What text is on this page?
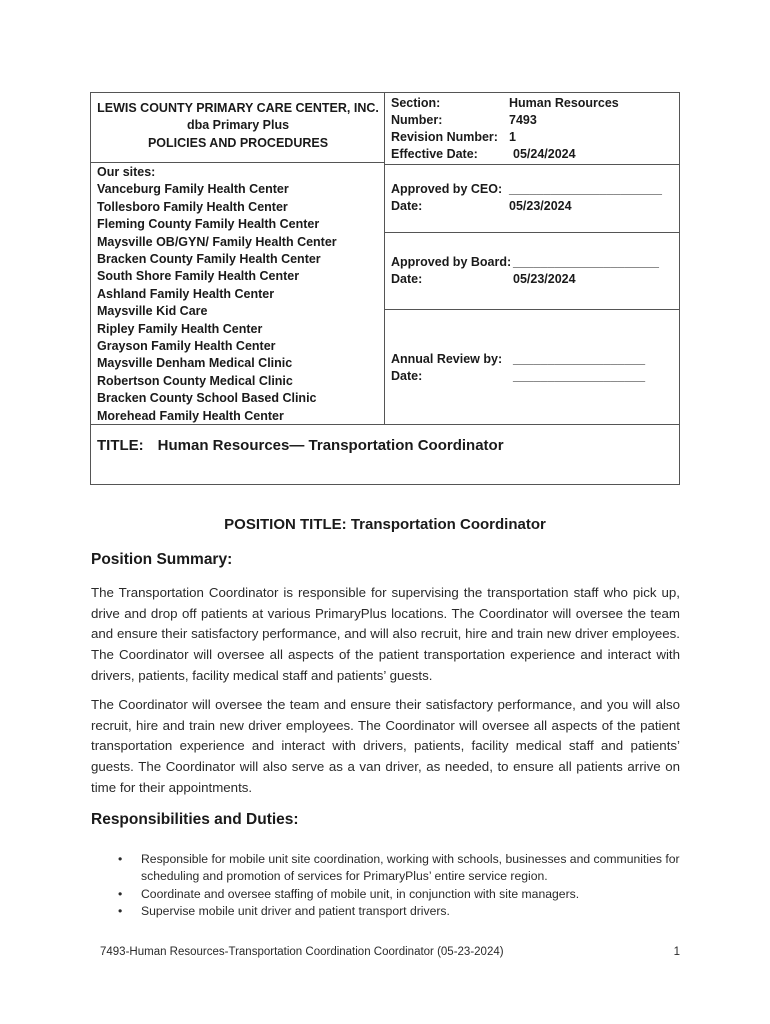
LEWIS COUNTY PRIMARY CARE CENTER, INC.
dba Primary Plus
POLICIES AND PROCEDURES
Our sites:
Vanceburg Family Health Center
Tollesboro Family Health Center
Fleming County Family Health Center
Maysville OB/GYN/ Family Health Center
Bracken County Family Health Center
South Shore Family Health Center
Ashland Family Health Center
Maysville Kid Care
Ripley Family Health Center
Grayson Family Health Center
Maysville Denham Medical Clinic
Robertson County Medical Clinic
Bracken County School Based Clinic
Morehead Family Health Center
Section:	Human Resources
Number:	7493
Revision Number: 1
Effective Date:	05/24/2024
Approved by CEO: ______________________
Date:	05/23/2024
Approved by Board: _____________________
Date:	05/23/2024
Annual Review by: ___________________
Date:	___________________
TITLE: Human Resources— Transportation Coordinator
POSITION TITLE: Transportation Coordinator
Position Summary:
The Transportation Coordinator is responsible for supervising the transportation staff who pick up, drive and drop off patients at various PrimaryPlus locations. The Coordinator will oversee the team and ensure their satisfactory performance, and will also recruit, hire and train new driver employees. The Coordinator will oversee all aspects of the patient transportation experience and interact with drivers, patients, facility medical staff and patients’ guests.
The Coordinator will oversee the team and ensure their satisfactory performance, and you will also recruit, hire and train new driver employees. The Coordinator will oversee all aspects of the patient transportation experience and interact with drivers, patients, facility medical staff and patients’ guests. The Coordinator will also serve as a van driver, as needed, to ensure all patients arrive on time for their appointments.
Responsibilities and Duties:
• Responsible for mobile unit site coordination, working with schools, businesses and communities for scheduling and promotion of services for PrimaryPlus’ entire service region.
• Coordinate and oversee staffing of mobile unit, in conjunction with site managers.
• Supervise mobile unit driver and patient transport drivers.
7493-Human Resources-Transportation Coordination Coordinator (05-23-2024)	1
